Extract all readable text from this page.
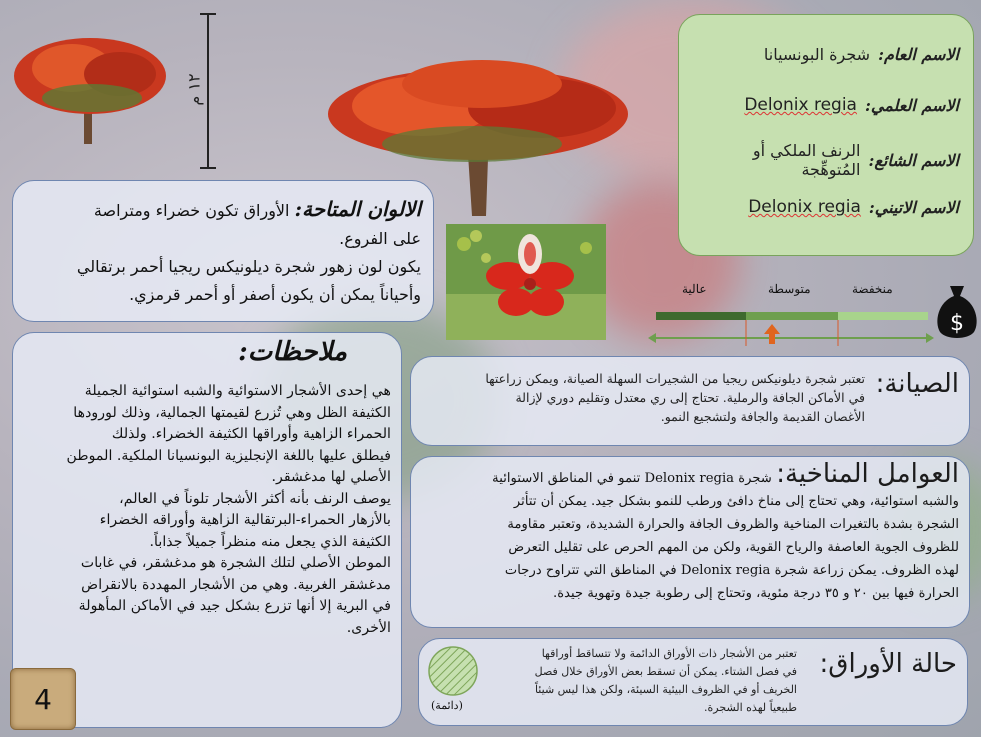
١٢ م
الاسم العام:
شجرة البونسيانا
الاسم العلمي:
Delonix regia
الاسم الشائع:
الرنف الملكي أو
المُتوهِّجة
الاسم الاتيني:
Delonix regia
الالوان المتاحة: الأوراق تكون خضراء ومتراصة
على الفروع.
يكون لون زهور شجرة ديلونيكس ريجيا أحمر برتقالي
وأحياناً يمكن أن يكون أصفر أو أحمر قرمزي.	منخفضة
متوسطة
عالية
$
ملاحظات:
هي إحدى الأشجار الاستوائية والشبه استوائية الجميلة
الكثيفة الظل وهي تُزرع لقيمتها الجمالية، وذلك لورودها
الحمراء الزاهية وأوراقها الكثيفة الخضراء. ولذلك
فيطلق عليها باللغة الإنجليزية البونسيانا الملكية. الموطن
الأصلي لها مدغشقر.
يوصف الرنف بأنه أكثر الأشجار تلوناً في العالم،
بالأزهار الحمراء-البرتقالية الزاهية وأوراقه الخضراء
الكثيفة الذي يجعل منه منظراً جميلاً جذاباً.
الموطن الأصلي لتلك الشجرة هو مدغشقر، في غابات
مدغشقر الغربية. وهي من الأشجار المهددة بالانقراض
في البرية إلا أنها تزرع بشكل جيد في الأماكن المأهولة
الأخرى.
4
الصيانة:
تعتبر شجرة ديلونيكس ريجيا من الشجيرات السهلة الصيانة، ويمكن زراعتها
في الأماكن الجافة والرملية. تحتاج إلى ري معتدل وتقليم دوري لإزالة
الأغصان القديمة والجافة ولتشجيع النمو.
العوامل المناخية: شجرة Delonix regia تنمو في المناطق الاستوائية
والشبه استوائية، وهي تحتاج إلى مناخ دافئ ورطب للنمو بشكل جيد. يمكن أن تتأثر
الشجرة بشدة بالتغيرات المناخية والظروف الجافة والحرارة الشديدة، وتعتبر مقاومة
للظروف الجوية العاصفة والرياح القوية، ولكن من المهم الحرص على تقليل التعرض
لهذه الظروف. يمكن زراعة شجرة Delonix regia في المناطق التي تتراوح درجات
الحرارة فيها بين ٢٠ و ٣٥ درجة مئوية، وتحتاج إلى رطوبة جيدة وتهوية جيدة.
حالة الأوراق:
تعتبر من الأشجار ذات الأوراق الدائمة ولا تتساقط أوراقها
في فصل الشتاء. يمكن أن تسقط بعض الأوراق خلال فصل
الخريف أو في الظروف البيئية السيئة، ولكن هذا ليس شيئاً
طبيعياً لهذه الشجرة.
(دائمة)
